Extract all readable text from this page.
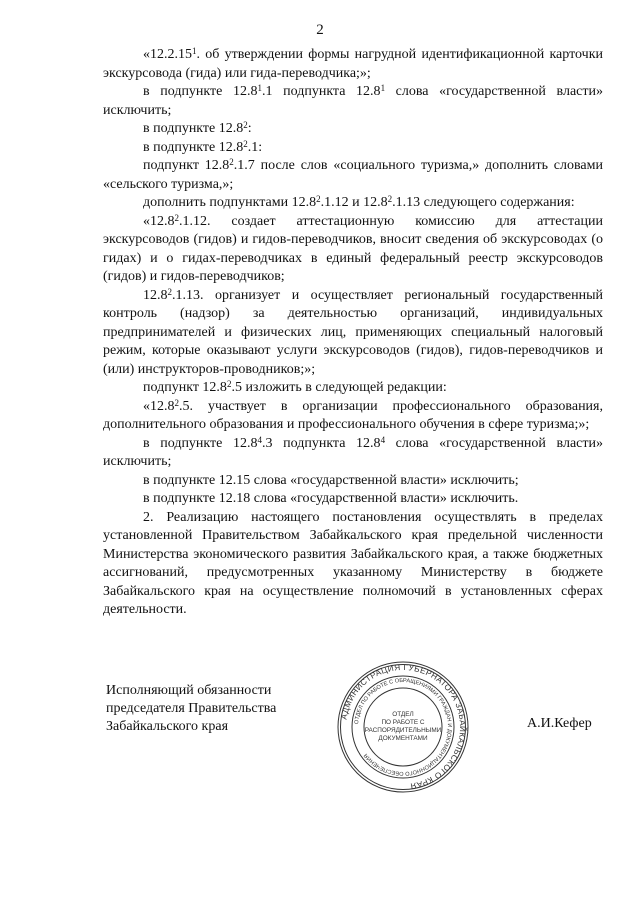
2

«12.2.15$^1$. об утверждении формы нагрудной идентификационной карточки экскурсовода (гида) или гида-переводчика;»;

в подпункте 12.8$^1$.1 подпункта 12.8$^1$ слова «государственной власти» исключить;

в подпункте 12.8$^2$:

в подпункте 12.8$^2$.1:

подпункт 12.8$^2$.1.7 после слов «социального туризма,» дополнить словами «сельского туризма,»;

дополнить подпунктами 12.8$^2$.1.12 и 12.8$^2$.1.13 следующего содержания:

«12.8$^2$.1.12. создает аттестационную комиссию для аттестации экскурсоводов (гидов) и гидов-переводчиков, вносит сведения об экскурсоводах (о гидах) и о гидах-переводчиках в единый федеральный реестр экскурсоводов (гидов) и гидов-переводчиков;

12.8$^2$.1.13. организует и осуществляет региональный государственный контроль (надзор) за деятельностью организаций, индивидуальных предпринимателей и физических лиц, применяющих специальный налоговый режим, которые оказывают услуги экскурсоводов (гидов), гидов-переводчиков и (или) инструкторов-проводников;»;

подпункт 12.8$^2$.5 изложить в следующей редакции:

«12.8$^2$.5. участвует в организации профессионального образования, дополнительного образования и профессионального обучения в сфере туризма;»;

в подпункте 12.8$^4$.3 подпункта 12.8$^4$ слова «государственной власти» исключить;

в подпункте 12.15 слова «государственной власти» исключить;

в подпункте 12.18 слова «государственной власти» исключить.

2. Реализацию настоящего постановления осуществлять в пределах установленной Правительством Забайкальского края предельной численности Министерства экономического развития Забайкальского края, а также бюджетных ассигнований, предусмотренных указанному Министерству в бюджете Забайкальского края на осуществление полномочий в установленных сферах деятельности.

Исполняющий обязанности
председателя Правительства
Забайкальского края
АДМИНИСТРАЦИЯ ГУБЕРНАТОРА ЗАБАЙКАЛЬСКОГО КРАЯ
ОТДЕЛ ПО РАБОТЕ С ОБРАЩЕНИЯМИ ГРАЖДАН И ДОКУМЕНТАЦИОННОГО ОБЕСПЕЧЕНИЯ
ОТДЕЛ
ПО РАБОТЕ С
РАСПОРЯДИТЕЛЬНЫМИ
ДОКУМЕНТАМИ
А.И.Кефер
